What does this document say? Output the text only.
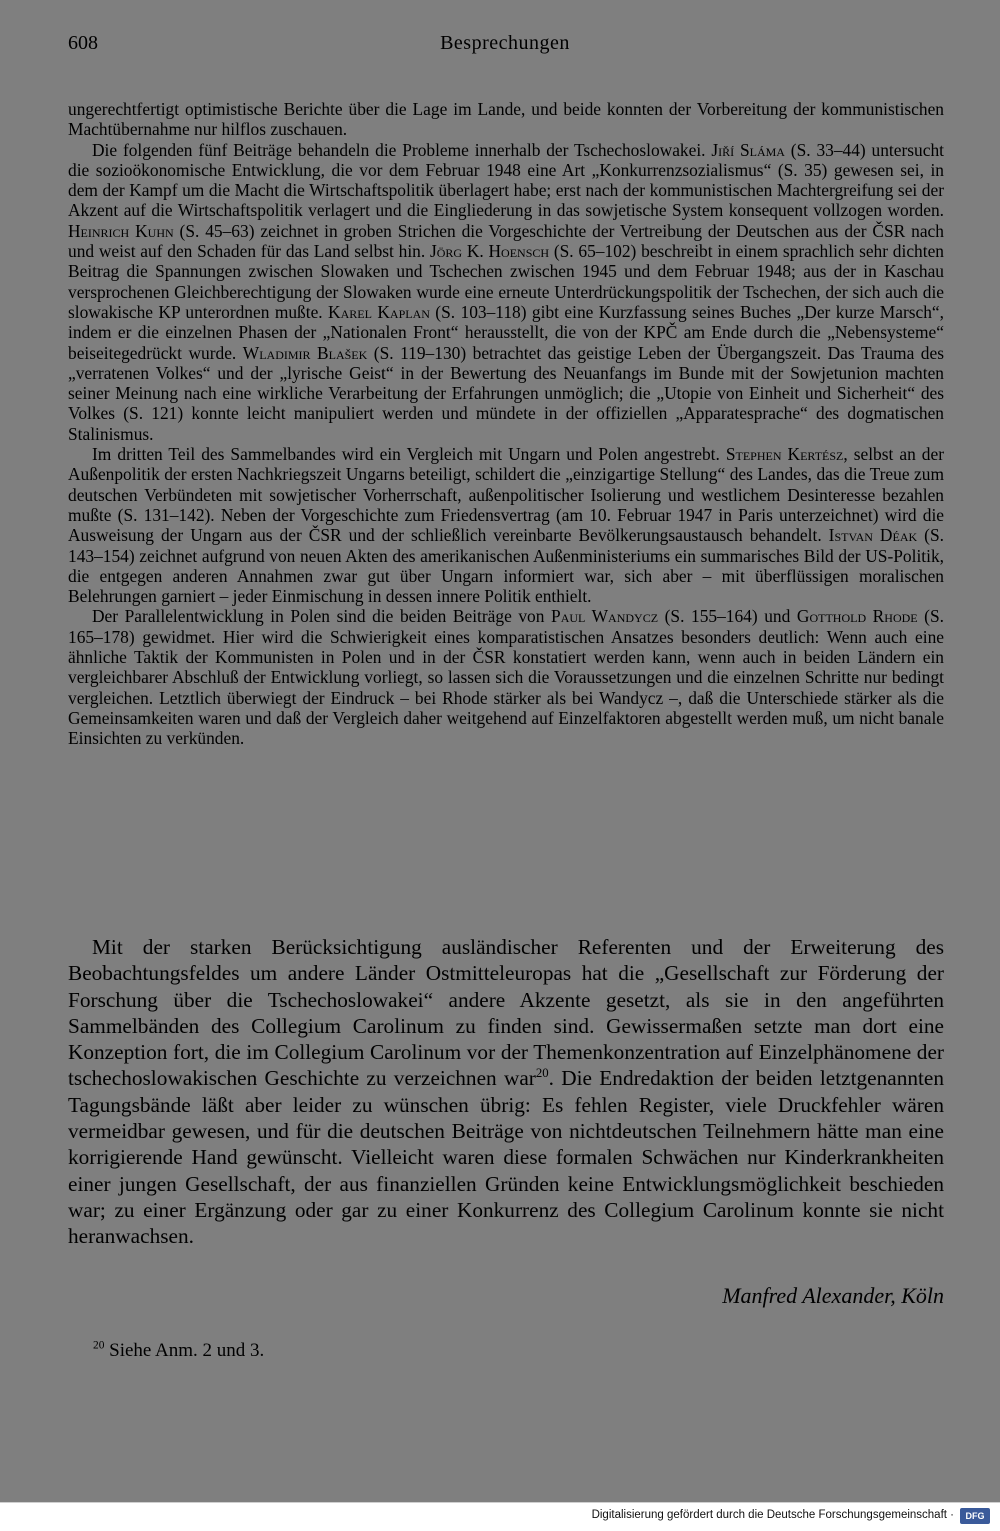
608	Besprechungen

ungerechtfertigt optimistische Berichte über die Lage im Lande, und beide konnten der Vorbereitung der kommunistischen Machtübernahme nur hilflos zuschauen.

Die folgenden fünf Beiträge behandeln die Probleme innerhalb der Tschechoslowakei. Jiří Sláma (S. 33–44) untersucht die sozioökonomische Entwicklung, die vor dem Februar 1948 eine Art „Konkurrenzsozialismus“ (S. 35) gewesen sei, in dem der Kampf um die Macht die Wirtschaftspolitik überlagert habe; erst nach der kommunistischen Machtergreifung sei der Akzent auf die Wirtschaftspolitik verlagert und die Eingliederung in das sowjetische System konsequent vollzogen worden. Heinrich Kuhn (S. 45–63) zeichnet in groben Strichen die Vorgeschichte der Vertreibung der Deutschen aus der ČSR nach und weist auf den Schaden für das Land selbst hin. Jörg K. Hoensch (S. 65–102) beschreibt in einem sprachlich sehr dichten Beitrag die Spannungen zwischen Slowaken und Tschechen zwischen 1945 und dem Februar 1948; aus der in Kaschau versprochenen Gleichberechtigung der Slowaken wurde eine erneute Unterdrückungspolitik der Tschechen, der sich auch die slowakische KP unterordnen mußte. Karel Kaplan (S. 103–118) gibt eine Kurzfassung seines Buches „Der kurze Marsch“, indem er die einzelnen Phasen der „Nationalen Front“ herausstellt, die von der KPČ am Ende durch die „Nebensysteme“ beiseitegedrückt wurde. Wladimir Blašek (S. 119–130) betrachtet das geistige Leben der Übergangszeit. Das Trauma des „verratenen Volkes“ und der „lyrische Geist“ in der Bewertung des Neuanfangs im Bunde mit der Sowjetunion machten seiner Meinung nach eine wirkliche Verarbeitung der Erfahrungen unmöglich; die „Utopie von Einheit und Sicherheit“ des Volkes (S. 121) konnte leicht manipuliert werden und mündete in der offiziellen „Apparatesprache“ des dogmatischen Stalinismus.

Im dritten Teil des Sammelbandes wird ein Vergleich mit Ungarn und Polen angestrebt. Stephen Kertész, selbst an der Außenpolitik der ersten Nachkriegszeit Ungarns beteiligt, schildert die „einzigartige Stellung“ des Landes, das die Treue zum deutschen Verbündeten mit sowjetischer Vorherrschaft, außenpolitischer Isolierung und westlichem Desinteresse bezahlen mußte (S. 131–142). Neben der Vorgeschichte zum Friedensvertrag (am 10. Februar 1947 in Paris unterzeichnet) wird die Ausweisung der Ungarn aus der ČSR und der schließlich vereinbarte Bevölkerungsaustausch behandelt. Istvan Déak (S. 143–154) zeichnet aufgrund von neuen Akten des amerikanischen Außenministeriums ein summarisches Bild der US-Politik, die entgegen anderen Annahmen zwar gut über Ungarn informiert war, sich aber – mit überflüssigen moralischen Belehrungen garniert – jeder Einmischung in dessen innere Politik enthielt.

Der Parallelentwicklung in Polen sind die beiden Beiträge von Paul Wandycz (S. 155–164) und Gotthold Rhode (S. 165–178) gewidmet. Hier wird die Schwierigkeit eines komparatistischen Ansatzes besonders deutlich: Wenn auch eine ähnliche Taktik der Kommunisten in Polen und in der ČSR konstatiert werden kann, wenn auch in beiden Ländern ein vergleichbarer Abschluß der Entwicklung vorliegt, so lassen sich die Voraussetzungen und die einzelnen Schritte nur bedingt vergleichen. Letztlich überwiegt der Eindruck – bei Rhode stärker als bei Wandycz –, daß die Unterschiede stärker als die Gemeinsamkeiten waren und daß der Vergleich daher weitgehend auf Einzelfaktoren abgestellt werden muß, um nicht banale Einsichten zu verkünden.

Mit der starken Berücksichtigung ausländischer Referenten und der Erweiterung des Beobachtungsfeldes um andere Länder Ostmitteleuropas hat die „Gesellschaft zur Förderung der Forschung über die Tschechoslowakei“ andere Akzente gesetzt, als sie in den angeführten Sammelbänden des Collegium Carolinum zu finden sind. Gewissermaßen setzte man dort eine Konzeption fort, die im Collegium Carolinum vor der Themenkonzentration auf Einzelphänomene der tschechoslowakischen Geschichte zu verzeichnen war$^{20}$. Die Endredaktion der beiden letztgenannten Tagungsbände läßt aber leider zu wünschen übrig: Es fehlen Register, viele Druckfehler wären vermeidbar gewesen, und für die deutschen Beiträge von nichtdeutschen Teilnehmern hätte man eine korrigierende Hand gewünscht. Vielleicht waren diese formalen Schwächen nur Kinderkrankheiten einer jungen Gesellschaft, der aus finanziellen Gründen keine Entwicklungsmöglichkeit beschieden war; zu einer Ergänzung oder gar zu einer Konkurrenz des Collegium Carolinum konnte sie nicht heranwachsen.

Manfred Alexander, Köln
$^{20}$ Siehe Anm. 2 und 3.
Digitalisierung gefördert durch die Deutsche Forschungsgemeinschaft ·	DFG
